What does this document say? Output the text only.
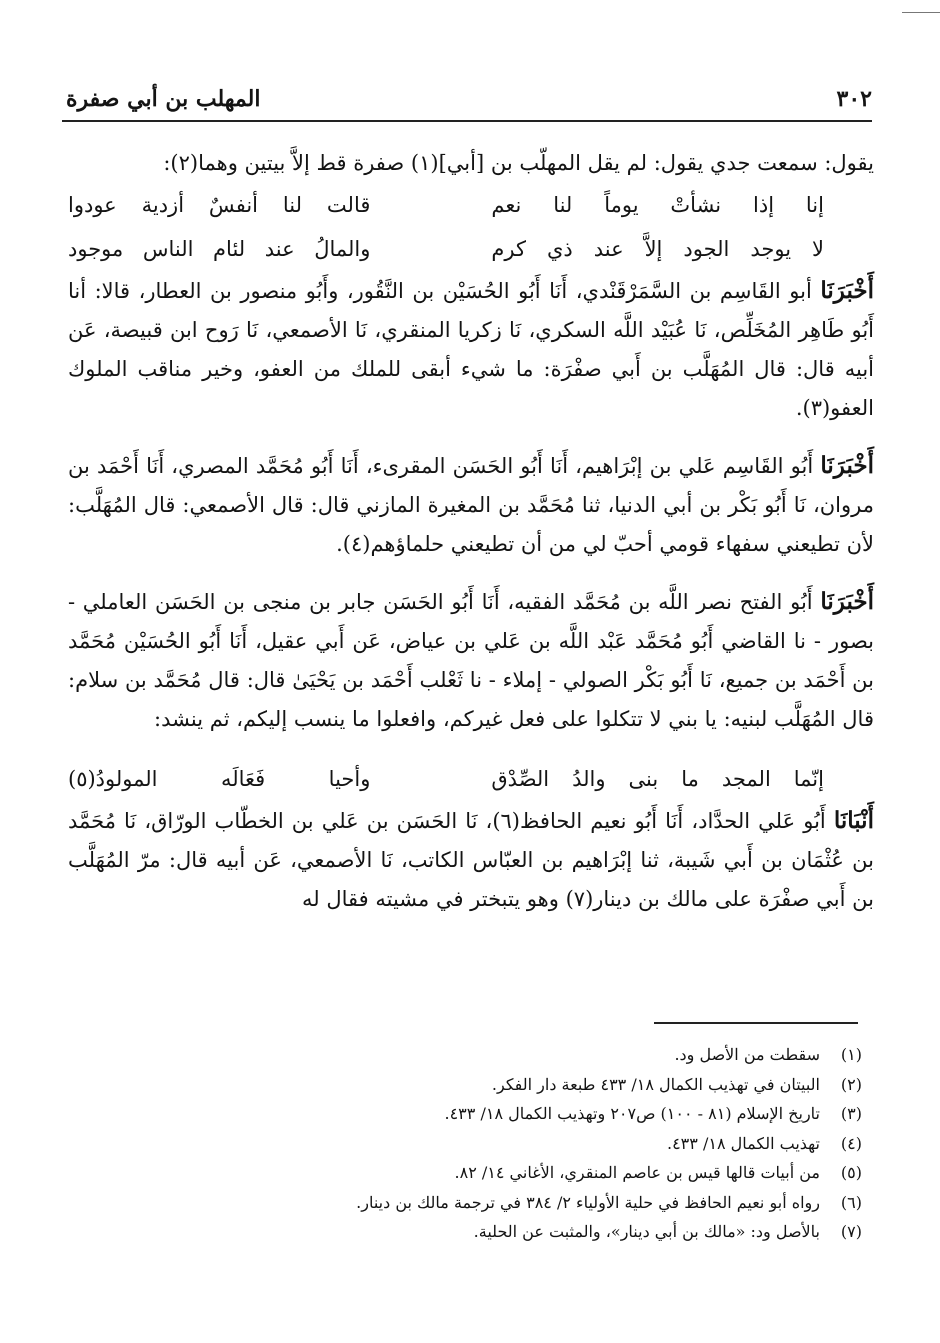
المهلب بن أبي صفرة	٣٠٢

يقول: سمعت جدي يقول: لم يقل المهلّب بن [أبي](١) صفرة قط إلاَّ بيتين وهما(٢):

إنا إذا نشأتْ يوماً لنا نعم
قالت لنا أنفسٌ أزدية عودوا
لا يوجد الجود إلاَّ عند ذي كرم
والمالُ عند لئام الناس موجود

أَخْبَرَنَا أبو القَاسِم بن السَّمَرْقَنْدي، أَنَا أَبُو الحُسَيْن بن النَّقُور، وأَبُو منصور بن العطار، قالا: أنا أَبُو طَاهِر المُخَلِّص، نَا عُبَيْد اللَّه السكري، نَا زكريا المنقري، نَا الأصمعي، نَا رَوح ابن قبيصة، عَن أبيه قال: قال المُهَلَّب بن أَبي صفْرَة: ما شيء أبقى للملك من العفو، وخير مناقب الملوك العفو(٣).

أَخْبَرَنَا أَبُو القَاسِم عَلي بن إبْرَاهيم، أَنَا أَبُو الحَسَن المقرىء، أَنَا أَبُو مُحَمَّد المصري، أَنَا أَحْمَد بن مروان، نَا أَبُو بَكْر بن أبي الدنيا، ثنا مُحَمَّد بن المغيرة المازني قال: قال الأصمعي: قال المُهَلَّب: لأن تطيعني سفهاء قومي أحبّ لي من أن تطيعني حلماؤهم(٤).

أَخْبَرَنَا أَبُو الفتح نصر اللَّه بن مُحَمَّد الفقيه، أَنَا أَبُو الحَسَن جابر بن منجى بن الحَسَن العاملي - بصور - نا القاضي أَبُو مُحَمَّد عَبْد اللَّه بن عَلي بن عياض، عَن أَبي عقيل، أَنَا أَبُو الحُسَيْن مُحَمَّد بن أَحْمَد بن جميع، نَا أَبُو بَكْر الصولي - إملاء - نا ثَعْلب أَحْمَد بن يَحْيَىٰ قال: قال مُحَمَّد بن سلام: قال المُهَلَّب لبنيه: يا بني لا تتكلوا على فعل غيركم، وافعلوا ما ينسب إليكم، ثم ينشد:

إنّما المجد ما بنى والدُ الصِّدْق
وأحيا فَعَالَه المولودُ(٥)

أَنْبَانَا أَبُو عَلي الحدَّاد، أَنَا أَبُو نعيم الحافظ(٦)، نَا الحَسَن بن عَلي بن الخطّاب الورّاق، نَا مُحَمَّد بن عُثْمَان بن أَبي شَيبة، ثنا إبْرَاهيم بن العبّاس الكاتب، نَا الأصمعي، عَن أبيه قال: مرّ المُهَلَّب بن أَبي صفْرَة على مالك بن دينار(٧) وهو يتبختر في مشيته فقال له

(١)
سقطت من الأصل ود.
(٢)
البيتان في تهذيب الكمال ١٨/ ٤٣٣ طبعة دار الفكر.
(٣)
تاريخ الإسلام (٨١ - ١٠٠) ص٢٠٧ وتهذيب الكمال ١٨/ ٤٣٣.
(٤)
تهذيب الكمال ١٨/ ٤٣٣.
(٥)
من أبيات قالها قيس بن عاصم المنقري، الأغاني ١٤/ ٨٢.
(٦)
رواه أبو نعيم الحافظ في حلية الأولياء ٢/ ٣٨٤ في ترجمة مالك بن دينار.
(٧)
بالأصل ود: «مالك بن أبي دينار»، والمثبت عن الحلية.
